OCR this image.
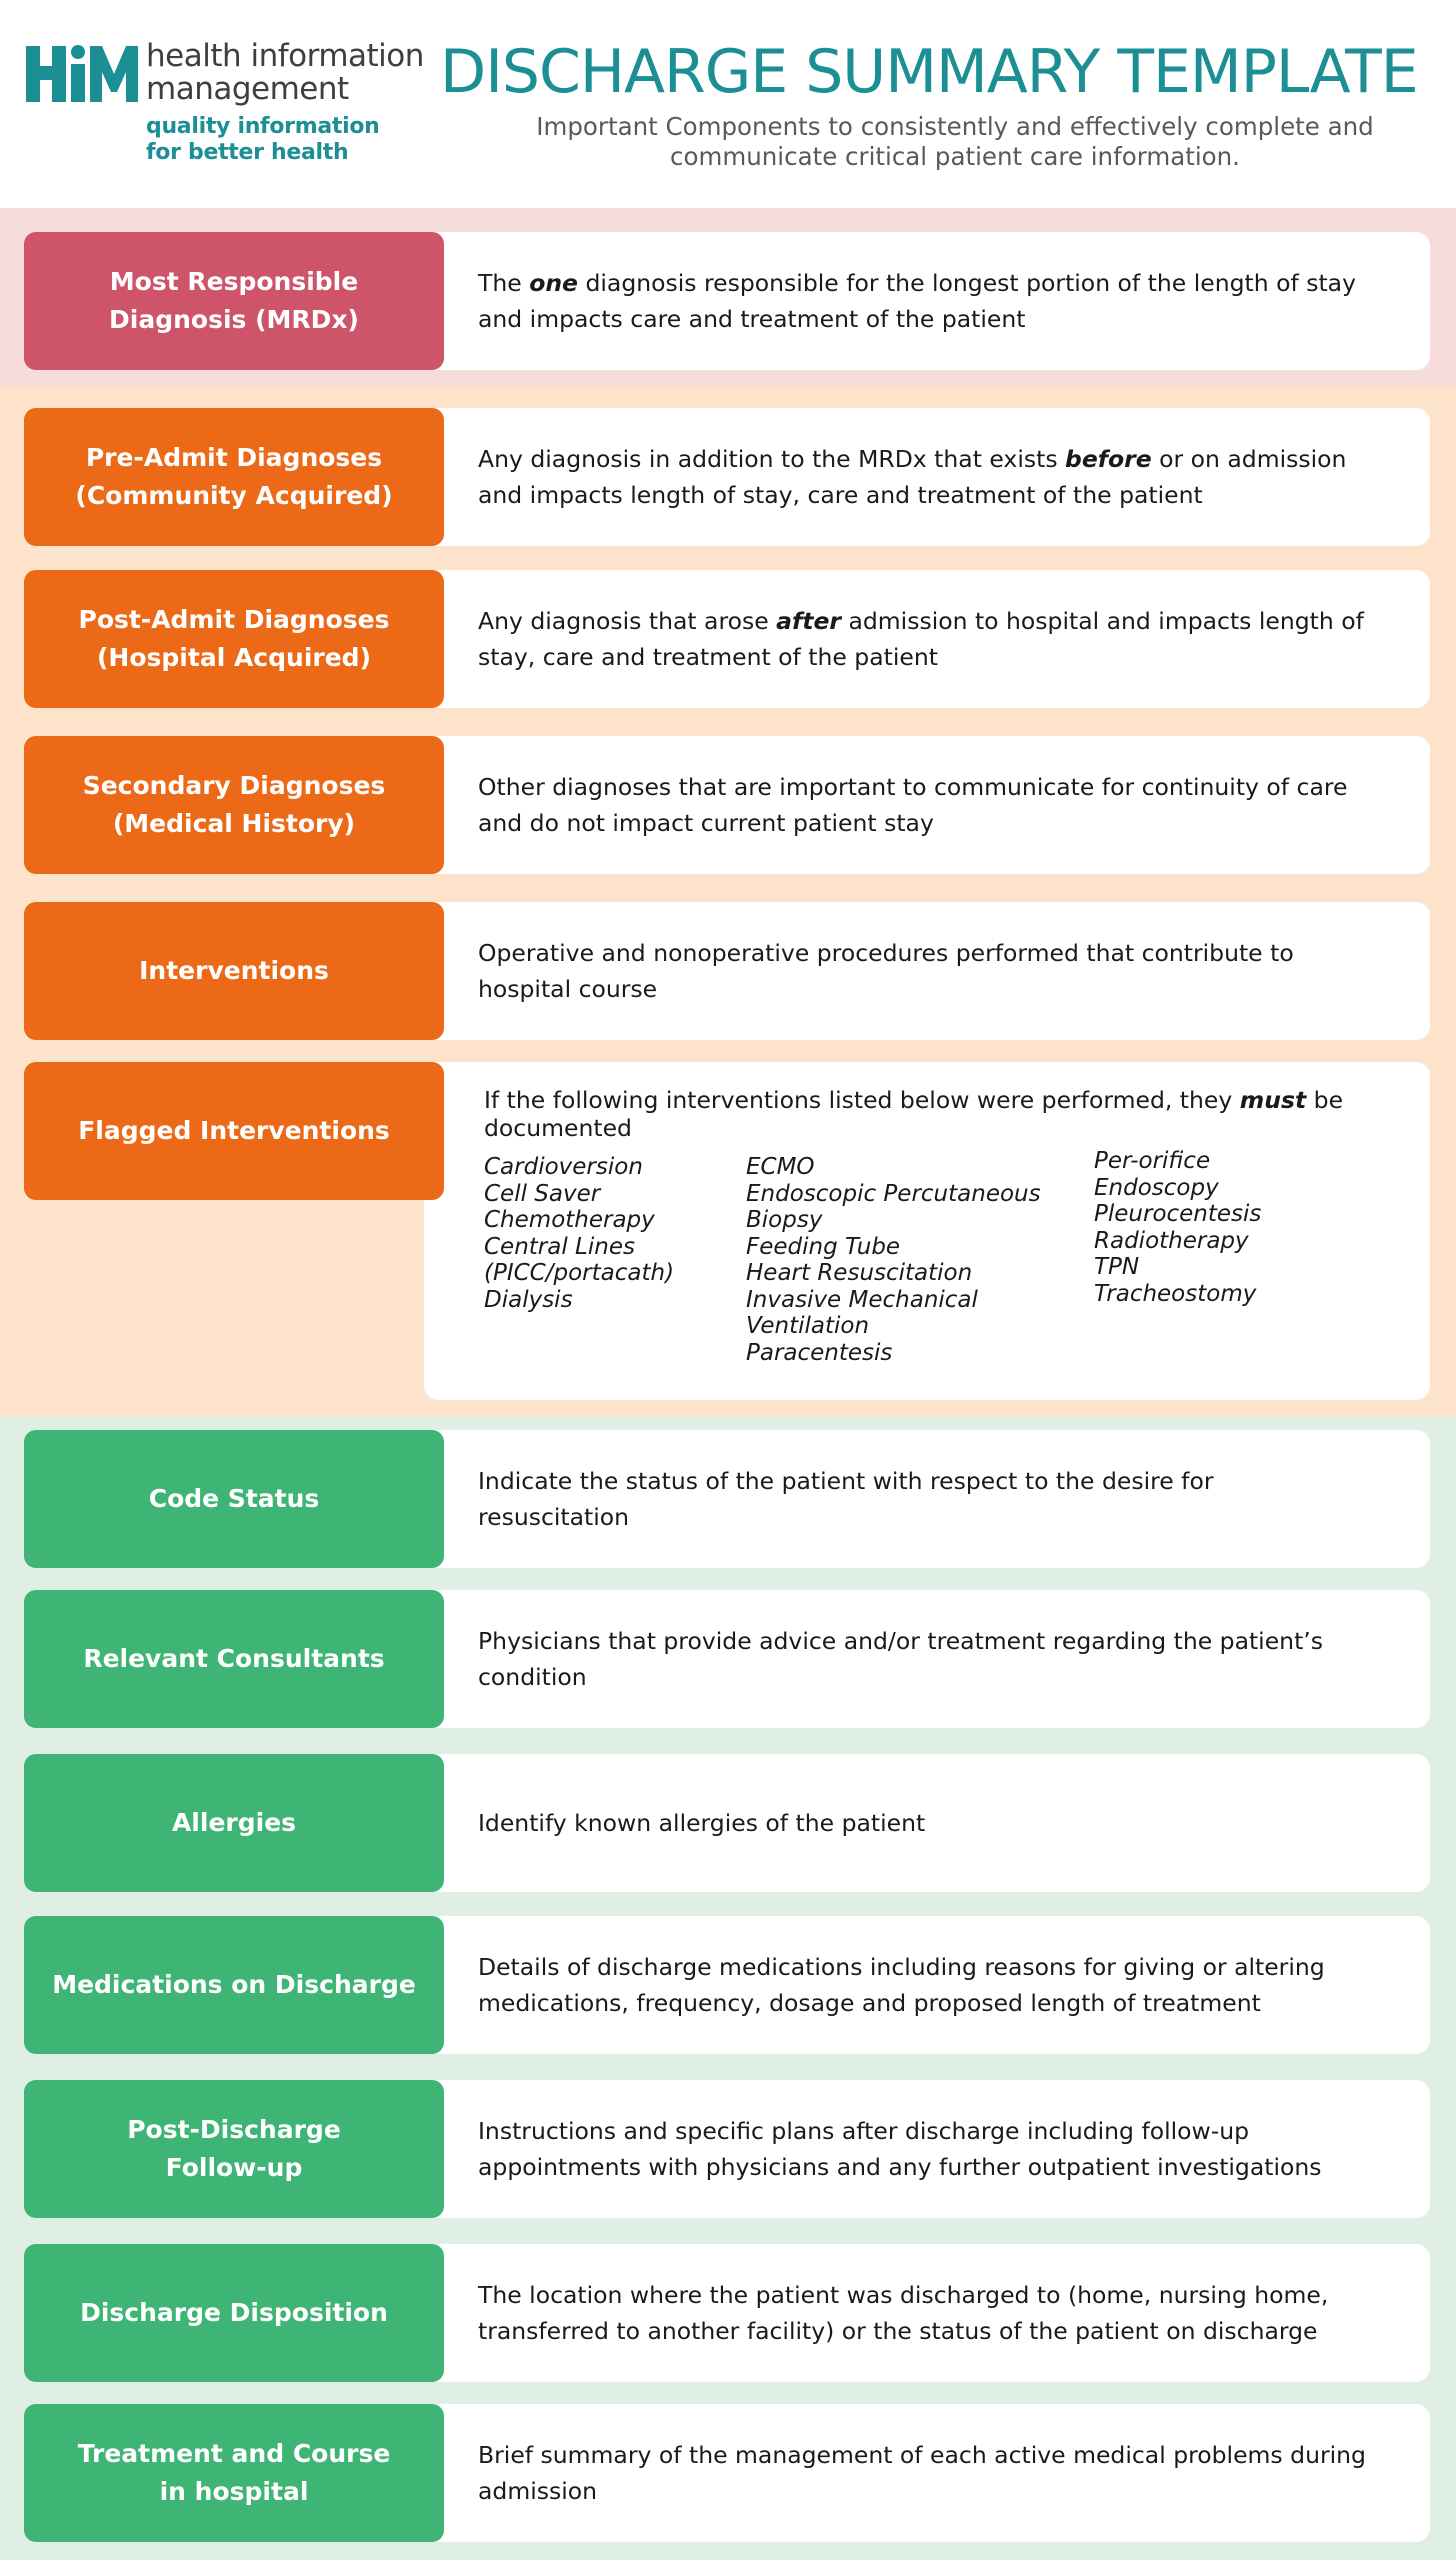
health information
management
quality information
for better health
DISCHARGE SUMMARY TEMPLATE
Important Components to consistently and effectively complete and communicate critical patient care information.
The one diagnosis responsible for the longest portion of the length of stay and impacts care and treatment of the patient
Most Responsible Diagnosis (MRDx)
Any diagnosis in addition to the MRDx that exists before or on admission and impacts length of stay, care and treatment of the patient
Pre-Admit Diagnoses (Community Acquired)
Any diagnosis that arose after admission to hospital and impacts length of stay, care and treatment of the patient
Post-Admit Diagnoses (Hospital Acquired)
Other diagnoses that are important to communicate for continuity of care and do not impact current patient stay
Secondary Diagnoses (Medical History)
Operative and nonoperative procedures performed that contribute to hospital course
Interventions
If the following interventions listed below were performed, they must be documented
Cardioversion
Cell Saver
Chemotherapy
Central Lines
(PICC/portacath)
Dialysis
ECMO
Endoscopic Percutaneous
Biopsy
Feeding Tube
Heart Resuscitation
Invasive Mechanical
Ventilation
Paracentesis
Per-orifice
Endoscopy
Pleurocentesis
Radiotherapy
TPN
Tracheostomy
Flagged Interventions
Indicate the status of the patient with respect to the desire for resuscitation
Code Status
Physicians that provide advice and/or treatment regarding the patient’s condition
Relevant Consultants
Identify known allergies of the patient
Allergies
Details of discharge medications including reasons for giving or altering medications, frequency, dosage and proposed length of treatment
Medications on Discharge
Instructions and specific plans after discharge including follow-up appointments with physicians and any further outpatient investigations
Post-Discharge Follow-up
The location where the patient was discharged to (home, nursing home, transferred to another facility) or the status of the patient on discharge
Discharge Disposition
Brief summary of the management of each active medical problems during admission
Treatment and Course in hospital
